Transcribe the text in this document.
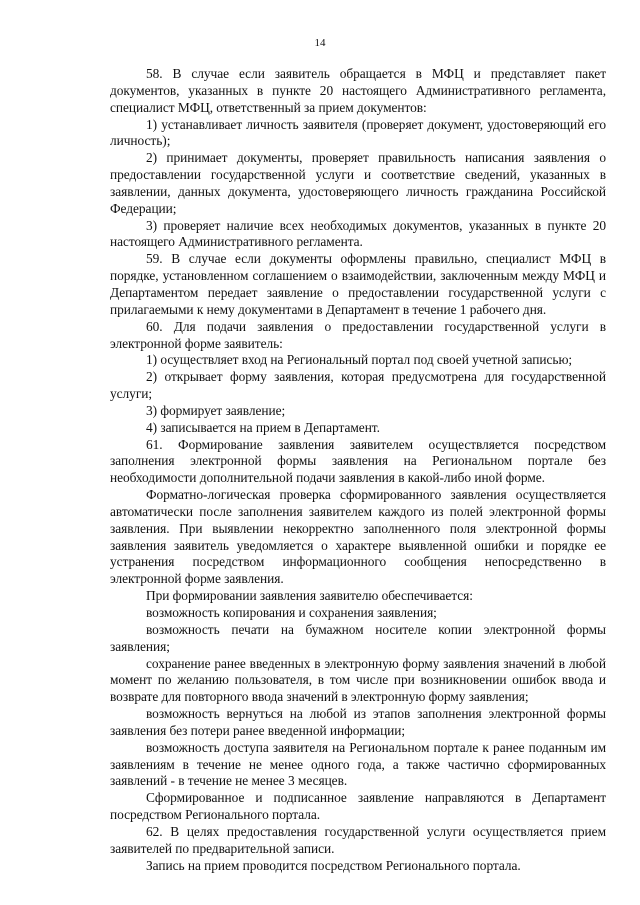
14

58. В случае если заявитель обращается в МФЦ и представляет пакет документов, указанных в пункте 20 настоящего Административного регламента, специалист МФЦ, ответственный за прием документов:

1) устанавливает личность заявителя (проверяет документ, удостоверяющий его личность);

2) принимает документы, проверяет правильность написания заявления о предоставлении государственной услуги и соответствие сведений, указанных в заявлении, данных документа, удостоверяющего личность гражданина Российской Федерации;

3) проверяет наличие всех необходимых документов, указанных в пункте 20 настоящего Административного регламента.

59. В случае если документы оформлены правильно, специалист МФЦ в порядке, установленном соглашением о взаимодействии, заключенным между МФЦ и Департаментом передает заявление о предоставлении государственной услуги с прилагаемыми к нему документами в Департамент в течение 1 рабочего дня.

60. Для подачи заявления о предоставлении государственной услуги в электронной форме заявитель:

1) осуществляет вход на Региональный портал под своей учетной записью;

2) открывает форму заявления, которая предусмотрена для государственной услуги;

3) формирует заявление;

4) записывается на прием в Департамент.

61. Формирование заявления заявителем осуществляется посредством заполнения электронной формы заявления на Региональном портале без необходимости дополнительной подачи заявления в какой-либо иной форме.

Форматно-логическая проверка сформированного заявления осуществляется автоматически после заполнения заявителем каждого из полей электронной формы заявления. При выявлении некорректно заполненного поля электронной формы заявления заявитель уведомляется о характере выявленной ошибки и порядке ее устранения посредством информационного сообщения непосредственно в электронной форме заявления.

При формировании заявления заявителю обеспечивается:

возможность копирования и сохранения заявления;

возможность печати на бумажном носителе копии электронной формы заявления;

сохранение ранее введенных в электронную форму заявления значений в любой момент по желанию пользователя, в том числе при возникновении ошибок ввода и возврате для повторного ввода значений в электронную форму заявления;

возможность вернуться на любой из этапов заполнения электронной формы заявления без потери ранее введенной информации;

возможность доступа заявителя на Региональном портале к ранее поданным им заявлениям в течение не менее одного года, а также частично сформированных заявлений - в течение не менее 3 месяцев.

Сформированное и подписанное заявление направляются в Департамент посредством Регионального портала.

62. В целях предоставления государственной услуги осуществляется прием заявителей по предварительной записи.

Запись на прием проводится посредством Регионального портала.
